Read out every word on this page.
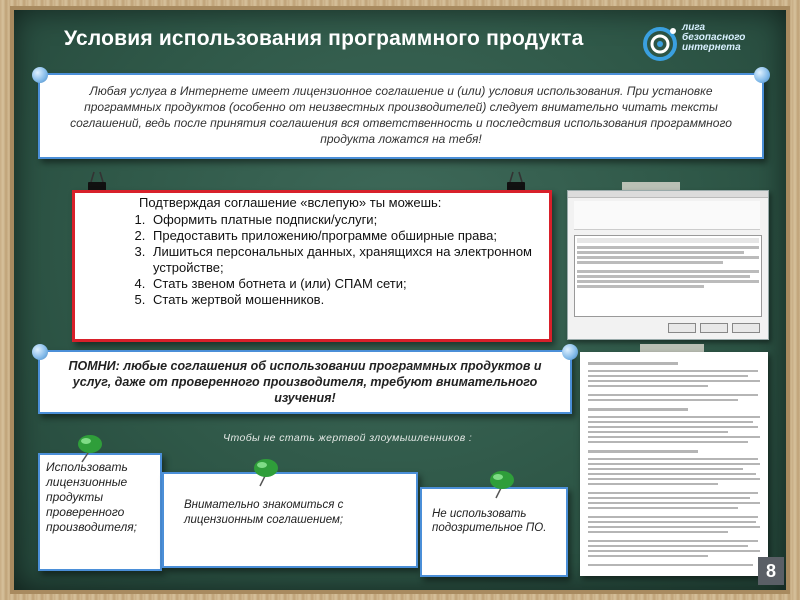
Условия использования программного продукта	лига
безопасного
интернета

Любая услуга в Интернете имеет лицензионное соглашение и (или) условия использования. При установке программных продуктов (особенно от неизвестных производителей) следует внимательно читать тексты соглашений, ведь после принятия соглашения вся ответственность и последствия использования программного продукта ложатся на тебя!

Подтверждая соглашение «вслепую» ты можешь:
1. Оформить платные подписки/услуги;
2. Предоставить приложению/программе обширные права;
3. Лишиться персональных данных, хранящихся на электронном устройстве;
4. Стать звеном ботнета и (или) СПАМ сети;
5. Стать жертвой мошенников.

ПОМНИ: любые соглашения об использовании программных продуктов и услуг, даже от проверенного производителя, требуют внимательного изучения!

Чтобы не стать жертвой злоумышленников :
Использовать лицензионные продукты проверенного производителя;
Внимательно знакомиться с лицензионным соглашением;	Не использовать подозрительное ПО.
8
